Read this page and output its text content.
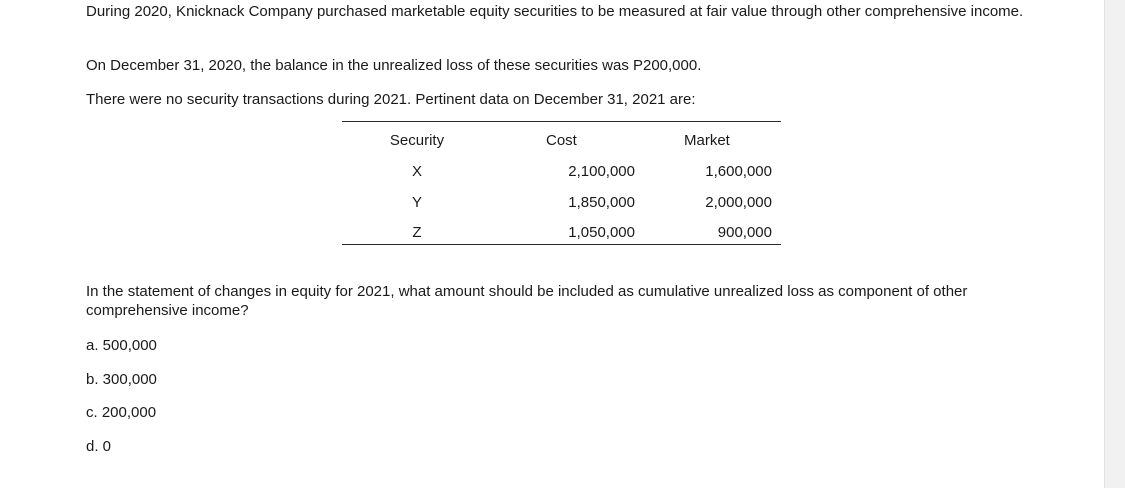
During 2020, Knicknack Company purchased marketable equity securities to be measured at fair value through other comprehensive income.

On December 31, 2020, the balance in the unrealized loss of these securities was P200,000.

There were no security transactions during 2021. Pertinent data on December 31, 2021 are:

Security	Cost	Market
X	2,100,000	1,600,000
Y	1,850,000	2,000,000
Z	1,050,000	900,000

In the statement of changes in equity for 2021, what amount should be included as cumulative unrealized loss as component of other comprehensive income?

a. 500,000
b. 300,000
c. 200,000
d. 0
